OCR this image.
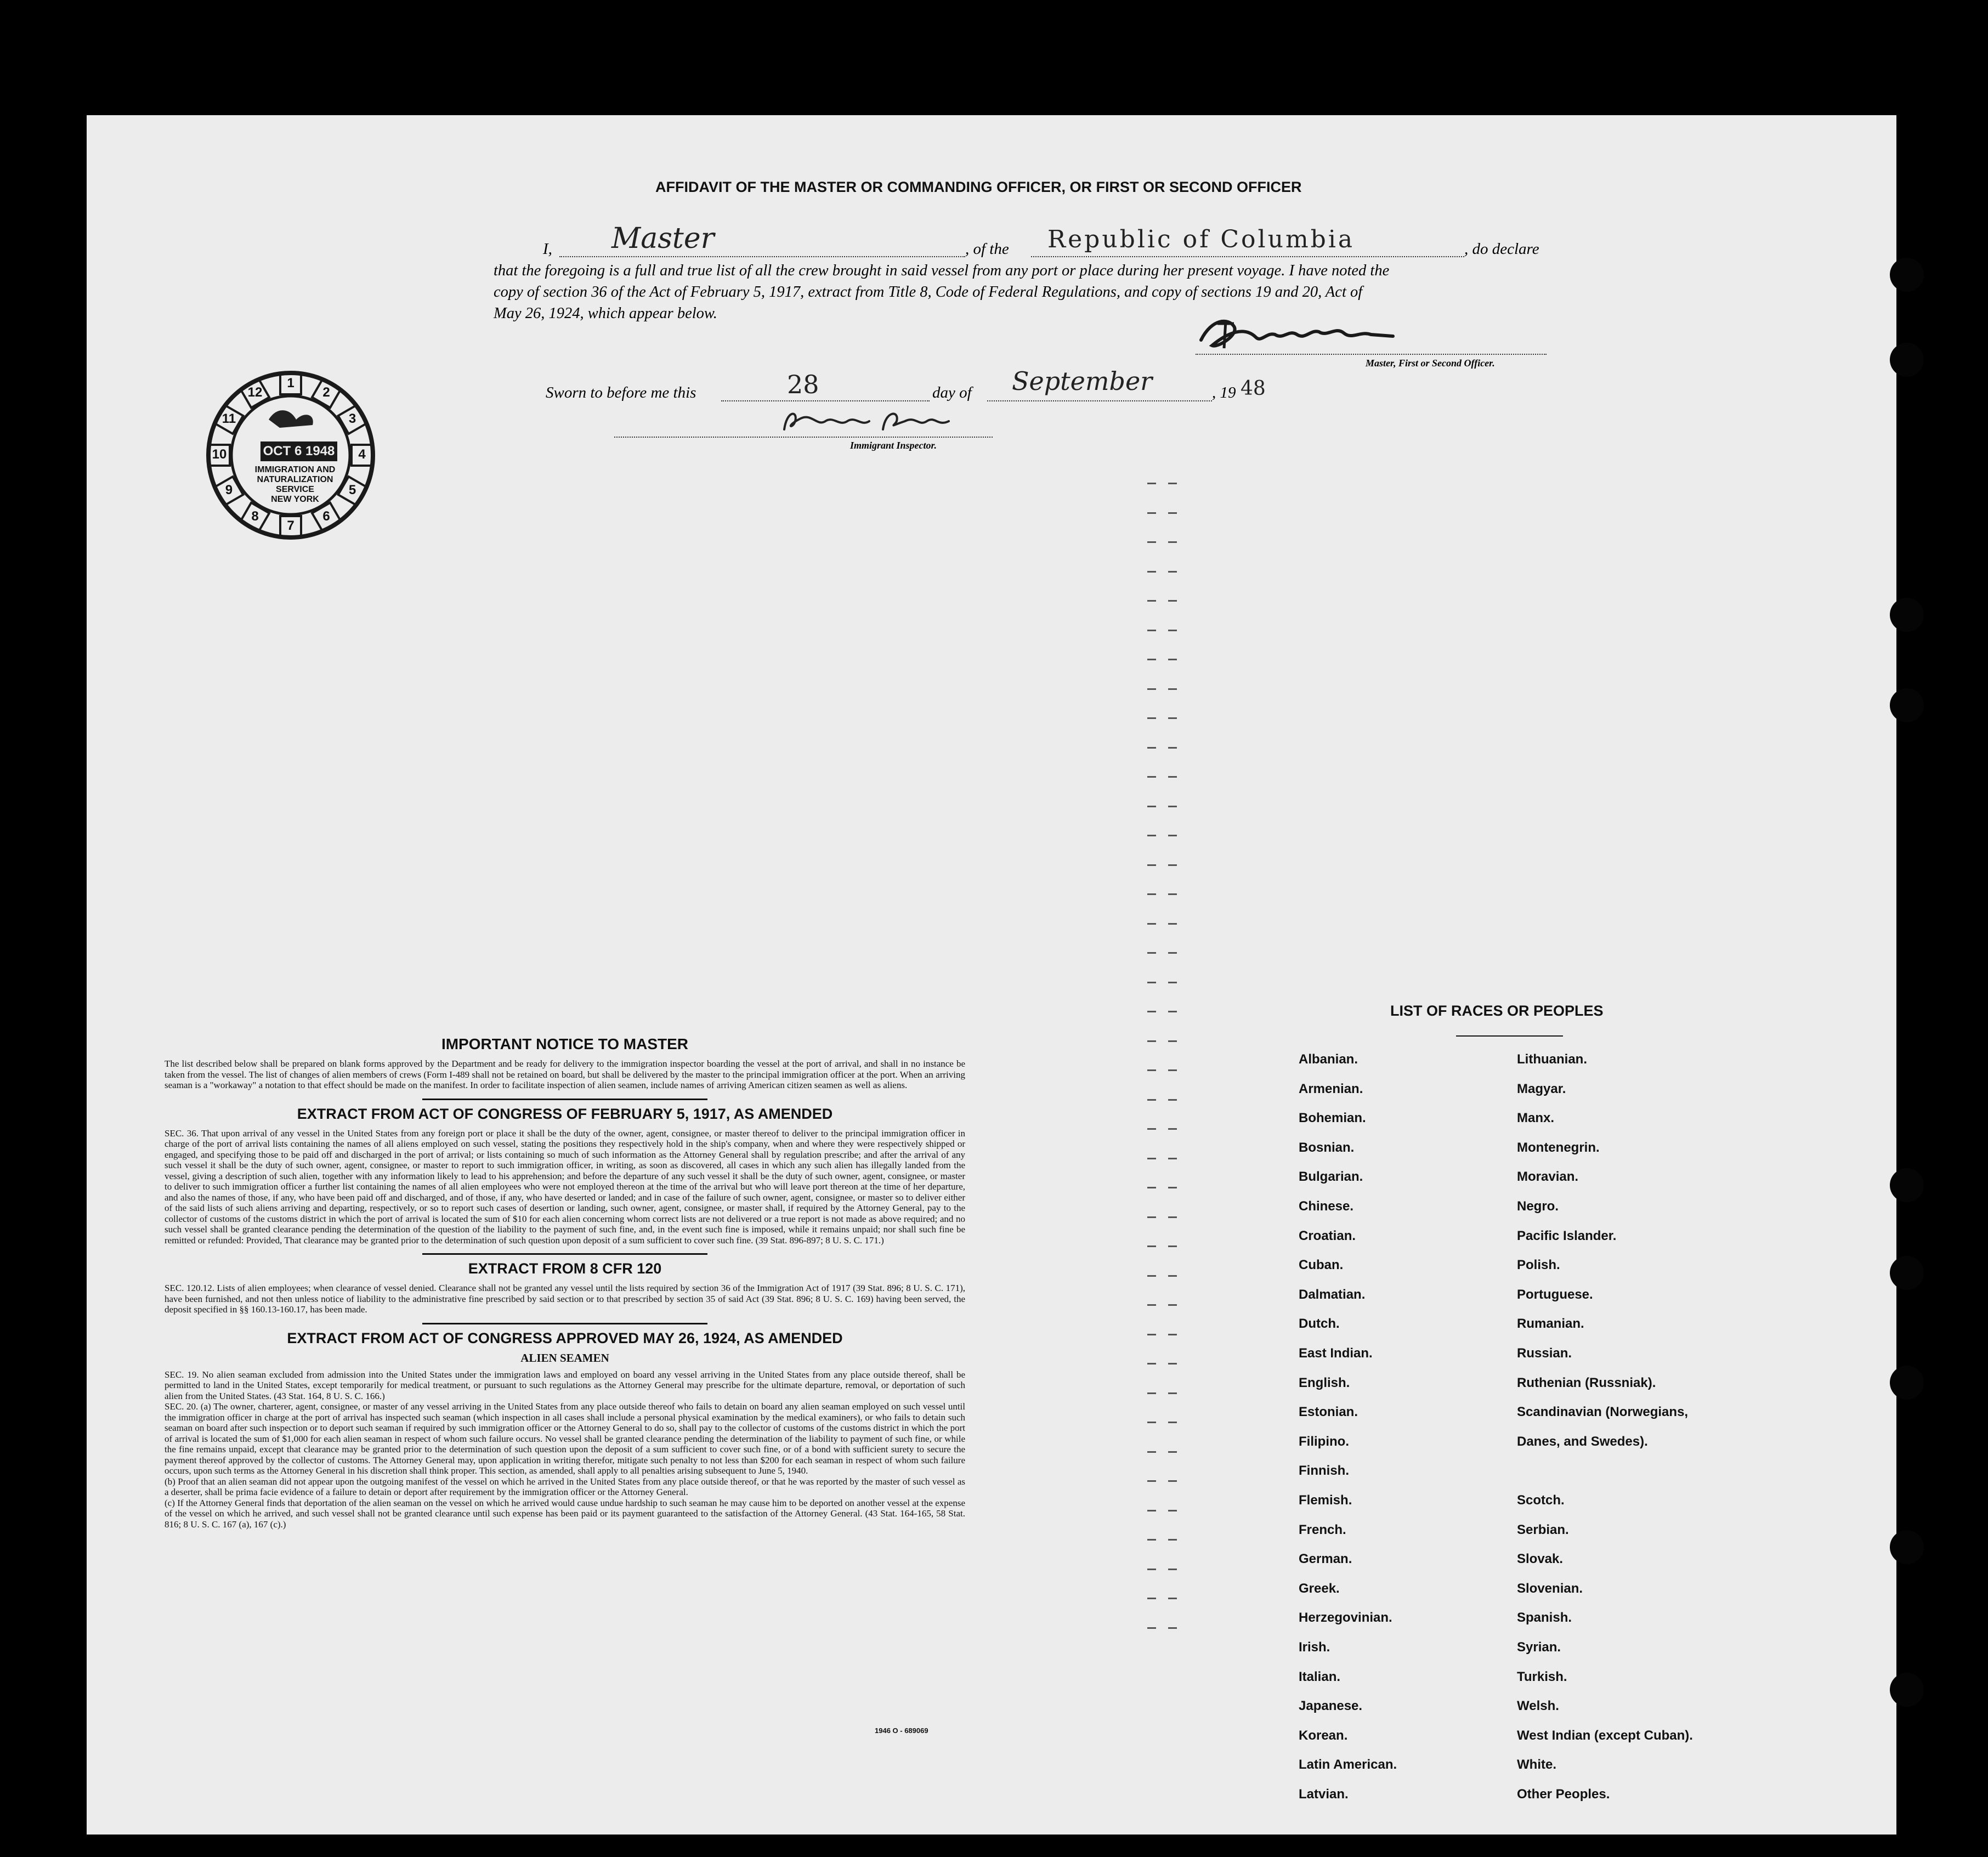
AFFIDAVIT OF THE MASTER OR COMMANDING OFFICER, OR FIRST OR SECOND OFFICER
I, Master	, of the Republic of Columbia	, do declare
that the foregoing is a full and true list of all the crew brought in said vessel from any port or place during her present voyage. I have noted the
copy of section 36 of the Act of February 5, 1917, extract from Title 8, Code of Federal Regulations, and copy of sections 19 and 20, Act of
May 26, 1924, which appear below.
Master, First or Second Officer.
Sworn to before me this	28	day of September	, 19 48
Immigrant Inspector.
OCT 6 1948
IMMIGRATION AND
NATURALIZATION
SERVICE
NEW YORK
1
2
3
4
5
6
7
8
9
10
11
12
IMPORTANT NOTICE TO MASTER

The list described below shall be prepared on blank forms approved by the Department and be ready for delivery to the immigration inspector boarding the vessel at the port of arrival, and shall in no instance be taken from the vessel. The list of changes of alien members of crews (Form I-489 shall not be retained on board, but shall be delivered by the master to the principal immigration officer at the port. When an arriving seaman is a "workaway" a notation to that effect should be made on the manifest. In order to facilitate inspection of alien seamen, include names of arriving American citizen seamen as well as aliens.

EXTRACT FROM ACT OF CONGRESS OF FEBRUARY 5, 1917, AS AMENDED

SEC. 36. That upon arrival of any vessel in the United States from any foreign port or place it shall be the duty of the owner, agent, consignee, or master thereof to deliver to the principal immigration officer in charge of the port of arrival lists containing the names of all aliens employed on such vessel, stating the positions they respectively hold in the ship's company, when and where they were respectively shipped or engaged, and specifying those to be paid off and discharged in the port of arrival; or lists containing so much of such information as the Attorney General shall by regulation prescribe; and after the arrival of any such vessel it shall be the duty of such owner, agent, consignee, or master to report to such immigration officer, in writing, as soon as discovered, all cases in which any such alien has illegally landed from the vessel, giving a description of such alien, together with any information likely to lead to his apprehension; and before the departure of any such vessel it shall be the duty of such owner, agent, consignee, or master to deliver to such immigration officer a further list containing the names of all alien employees who were not employed thereon at the time of the arrival but who will leave port thereon at the time of her departure, and also the names of those, if any, who have been paid off and discharged, and of those, if any, who have deserted or landed; and in case of the failure of such owner, agent, consignee, or master so to deliver either of the said lists of such aliens arriving and departing, respectively, or so to report such cases of desertion or landing, such owner, agent, consignee, or master shall, if required by the Attorney General, pay to the collector of customs of the customs district in which the port of arrival is located the sum of $10 for each alien concerning whom correct lists are not delivered or a true report is not made as above required; and no such vessel shall be granted clearance pending the determination of the question of the liability to the payment of such fine, and, in the event such fine is imposed, while it remains unpaid; nor shall such fine be remitted or refunded: Provided, That clearance may be granted prior to the determination of such question upon deposit of a sum sufficient to cover such fine. (39 Stat. 896-897; 8 U. S. C. 171.)

EXTRACT FROM 8 CFR 120

SEC. 120.12. Lists of alien employees; when clearance of vessel denied. Clearance shall not be granted any vessel until the lists required by section 36 of the Immigration Act of 1917 (39 Stat. 896; 8 U. S. C. 171), have been furnished, and not then unless notice of liability to the administrative fine prescribed by said section or to that prescribed by section 35 of said Act (39 Stat. 896; 8 U. S. C. 169) having been served, the deposit specified in §§ 160.13-160.17, has been made.

EXTRACT FROM ACT OF CONGRESS APPROVED MAY 26, 1924, AS AMENDED
ALIEN SEAMEN

SEC. 19. No alien seaman excluded from admission into the United States under the immigration laws and employed on board any vessel arriving in the United States from any place outside thereof, shall be permitted to land in the United States, except temporarily for medical treatment, or pursuant to such regulations as the Attorney General may prescribe for the ultimate departure, removal, or deportation of such alien from the United States. (43 Stat. 164, 8 U. S. C. 166.)

SEC. 20. (a) The owner, charterer, agent, consignee, or master of any vessel arriving in the United States from any place outside thereof who fails to detain on board any alien seaman employed on such vessel until the immigration officer in charge at the port of arrival has inspected such seaman (which inspection in all cases shall include a personal physical examination by the medical examiners), or who fails to detain such seaman on board after such inspection or to deport such seaman if required by such immigration officer or the Attorney General to do so, shall pay to the collector of customs of the customs district in which the port of arrival is located the sum of $1,000 for each alien seaman in respect of whom such failure occurs. No vessel shall be granted clearance pending the determination of the liability to payment of such fine, or while the fine remains unpaid, except that clearance may be granted prior to the determination of such question upon the deposit of a sum sufficient to cover such fine, or of a bond with sufficient surety to secure the payment thereof approved by the collector of customs. The Attorney General may, upon application in writing therefor, mitigate such penalty to not less than $200 for each seaman in respect of whom such failure occurs, upon such terms as the Attorney General in his discretion shall think proper. This section, as amended, shall apply to all penalties arising subsequent to June 5, 1940.

(b) Proof that an alien seaman did not appear upon the outgoing manifest of the vessel on which he arrived in the United States from any place outside thereof, or that he was reported by the master of such vessel as a deserter, shall be prima facie evidence of a failure to detain or deport after requirement by the immigration officer or the Attorney General.

(c) If the Attorney General finds that deportation of the alien seaman on the vessel on which he arrived would cause undue hardship to such seaman he may cause him to be deported on another vessel at the expense of the vessel on which he arrived, and such vessel shall not be granted clearance until such expense has been paid or its payment guaranteed to the satisfaction of the Attorney General. (43 Stat. 164-165, 58 Stat. 816; 8 U. S. C. 167 (a), 167 (c).)

1946 O - 689069
LIST OF RACES OR PEOPLES
Albanian.
Armenian.
Bohemian.
Bosnian.
Bulgarian.
Chinese.
Croatian.
Cuban.
Dalmatian.
Dutch.
East Indian.
English.
Estonian.
Filipino.
Finnish.
Flemish.
French.
German.
Greek.
Herzegovinian.
Irish.
Italian.
Japanese.
Korean.
Latin American.
Latvian.
Lithuanian.
Magyar.
Manx.
Montenegrin.
Moravian.
Negro.
Pacific Islander.
Polish.
Portuguese.
Rumanian.
Russian.
Ruthenian (Russniak).
Scandinavian (Norwegians,
Danes, and Swedes).
Scotch.
Serbian.
Slovak.
Slovenian.
Spanish.
Syrian.
Turkish.
Welsh.
West Indian (except Cuban).
White.
Other Peoples.
